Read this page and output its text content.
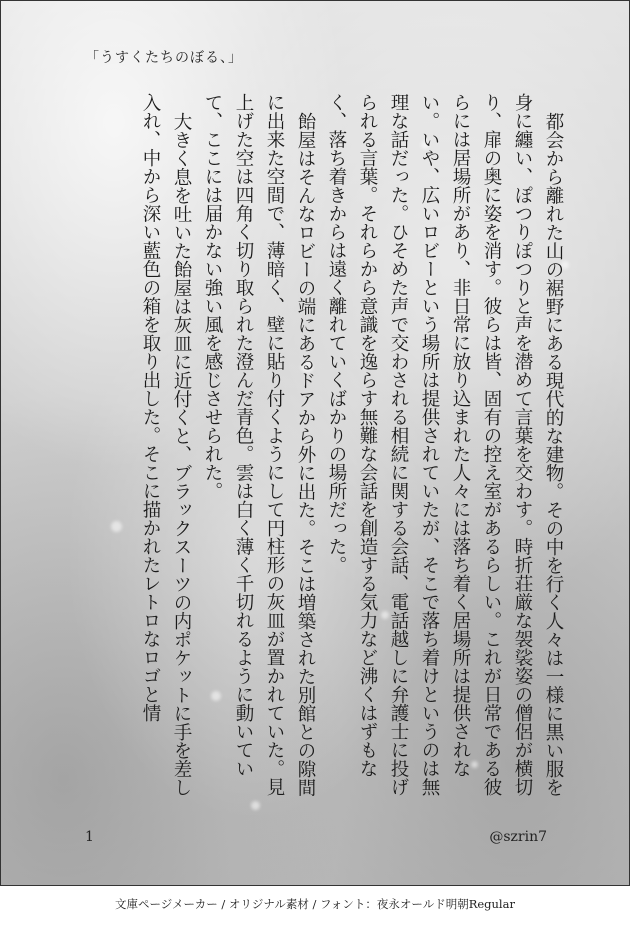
「うすくたちのぼる、」

都会から離れた山の裾野にある現代的な建物。その中を行く人々は一様に黒い服を身に纏い、ぽつりぽつりと声を潜めて言葉を交わす。時折荘厳な袈裟姿の僧侶が横切り、扉の奥に姿を消す。彼らは皆、固有の控え室があるらしい。これが日常である彼らには居場所があり、非日常に放り込まれた人々には落ち着く居場所は提供されない。いや、広いロビーという場所は提供されていたが、そこで落ち着けというのは無理な話だった。ひそめた声で交わされる相続に関する会話、電話越しに弁護士に投げられる言葉。それらから意識を逸らす無難な会話を創造する気力など沸くはずもなく、落ち着きからは遠く離れていくばかりの場所だった。

飴屋はそんなロビーの端にあるドアから外に出た。そこは増築された別館との隙間に出来た空間で、薄暗く、壁に貼り付くようにして円柱形の灰皿が置かれていた。見上げた空は四角く切り取られた澄んだ青色。雲は白く薄く千切れるように動いていて、ここには届かない強い風を感じさせられた。

大きく息を吐いた飴屋は灰皿に近付くと、ブラックスーツの内ポケットに手を差し入れ、中から深い藍色の箱を取り出した。そこに描かれたレトロなロゴと情

1	@szrin7
文庫ページメーカー / オリジナル素材 / フォント：夜永オールド明朝Regular
